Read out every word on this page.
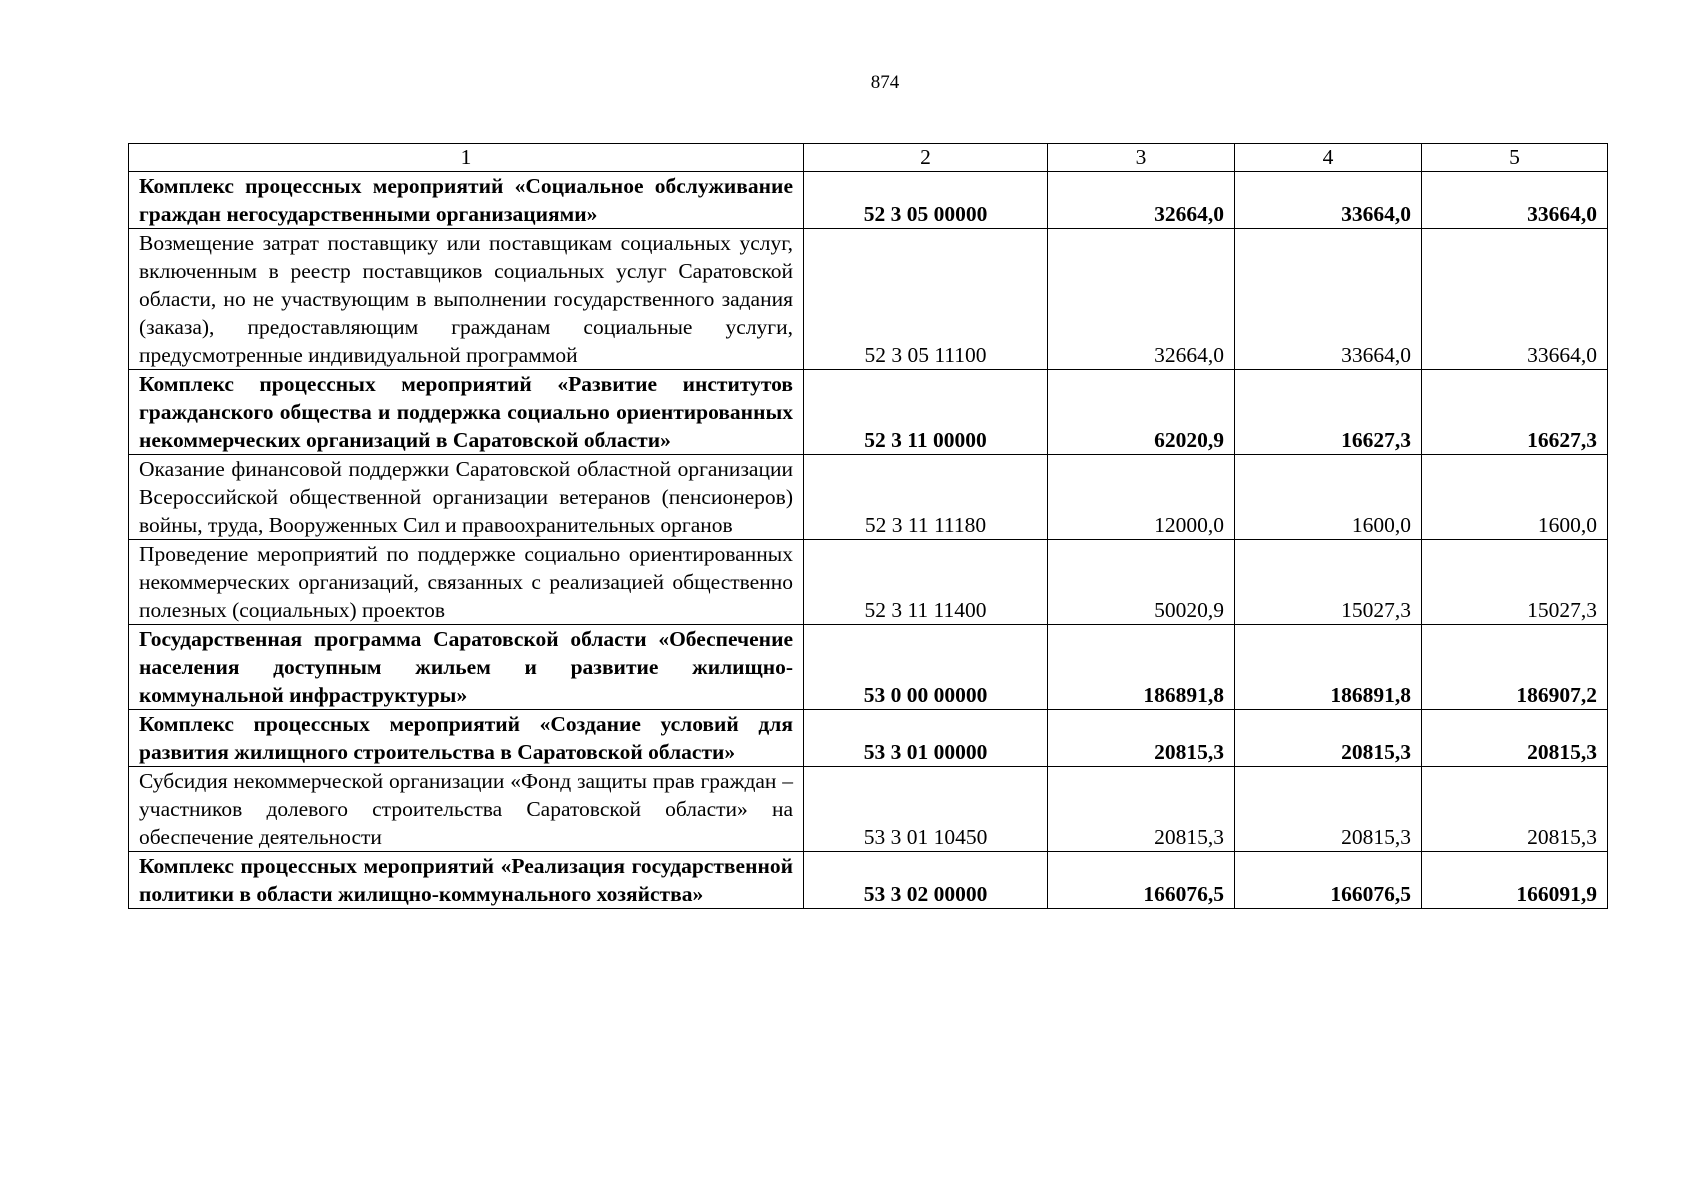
874
1	2	3	4	5
Комплекс процессных мероприятий «Социальное обслуживание граждан негосударственными организациями»	52 3 05 00000	32664,0	33664,0	33664,0
Возмещение затрат поставщику или поставщикам социальных услуг, включенным в реестр поставщиков социальных услуг Саратовской области, но не участвующим в выполнении государственного задания (заказа), предоставляющим гражданам социальные услуги, предусмотренные индивидуальной программой	52 3 05 11100	32664,0	33664,0	33664,0
Комплекс процессных мероприятий «Развитие институтов гражданского общества и поддержка социально ориентированных некоммерческих организаций в Саратовской области»	52 3 11 00000	62020,9	16627,3	16627,3
Оказание финансовой поддержки Саратовской областной организации Всероссийской общественной организации ветеранов (пенсионеров) войны, труда, Вооруженных Сил и правоохранительных органов	52 3 11 11180	12000,0	1600,0	1600,0
Проведение мероприятий по поддержке социально ориентированных некоммерческих организаций, связанных с реализацией общественно полезных (социальных) проектов	52 3 11 11400	50020,9	15027,3	15027,3
Государственная программа Саратовской области «Обеспечение населения доступным жильем и развитие жилищно-коммунальной инфраструктуры»	53 0 00 00000	186891,8	186891,8	186907,2
Комплекс процессных мероприятий «Создание условий для развития жилищного строительства в Саратовской области»	53 3 01 00000	20815,3	20815,3	20815,3
Субсидия некоммерческой организации «Фонд защиты прав граждан – участников долевого строительства Саратовской области» на обеспечение деятельности	53 3 01 10450	20815,3	20815,3	20815,3
Комплекс процессных мероприятий «Реализация государственной политики в области жилищно-коммунального хозяйства»	53 3 02 00000	166076,5	166076,5	166091,9
